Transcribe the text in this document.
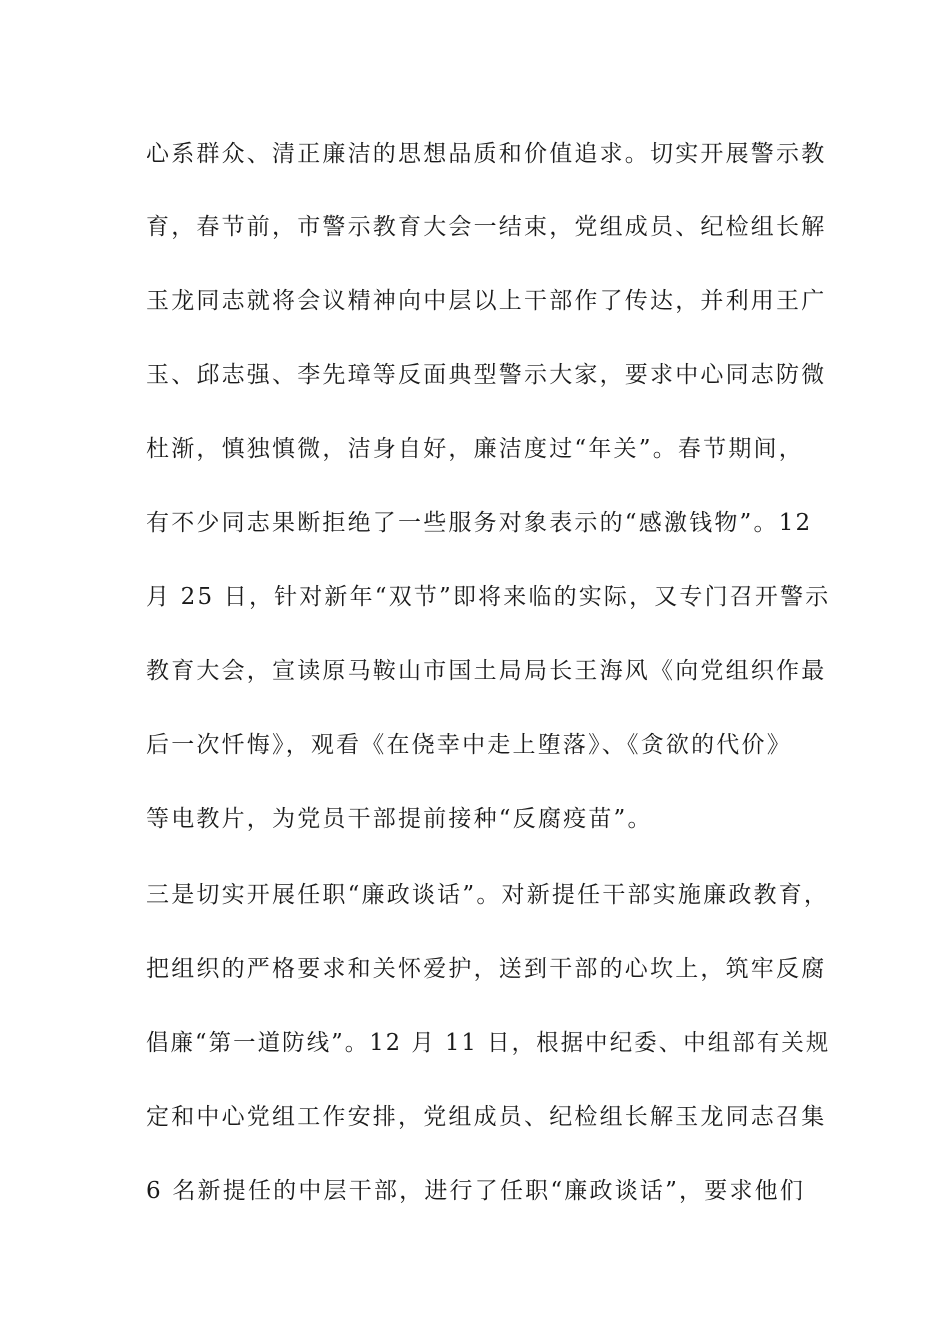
心系群众、清正廉洁的思想品质和价值追求。切实开展警示教
育，春节前，市警示教育大会一结束，党组成员、纪检组长解
玉龙同志就将会议精神向中层以上干部作了传达，并利用王广
玉、邱志强、李先璋等反面典型警示大家，要求中心同志防微
杜渐，慎独慎微，洁身自好，廉洁度过“年关”。春节期间，
有不少同志果断拒绝了一些服务对象表示的“感激钱物”。12
月 25 日，针对新年“双节”即将来临的实际，又专门召开警示
教育大会，宣读原马鞍山市国土局局长王海风《向党组织作最
后一次忏悔》，观看《在侥幸中走上堕落》、《贪欲的代价》
等电教片，为党员干部提前接种“反腐疫苗”。
三是切实开展任职“廉政谈话”。对新提任干部实施廉政教育，
把组织的严格要求和关怀爱护，送到干部的心坎上，筑牢反腐
倡廉“第一道防线”。12 月 11 日，根据中纪委、中组部有关规
定和中心党组工作安排，党组成员、纪检组长解玉龙同志召集
6 名新提任的中层干部，进行了任职“廉政谈话”，要求他们
